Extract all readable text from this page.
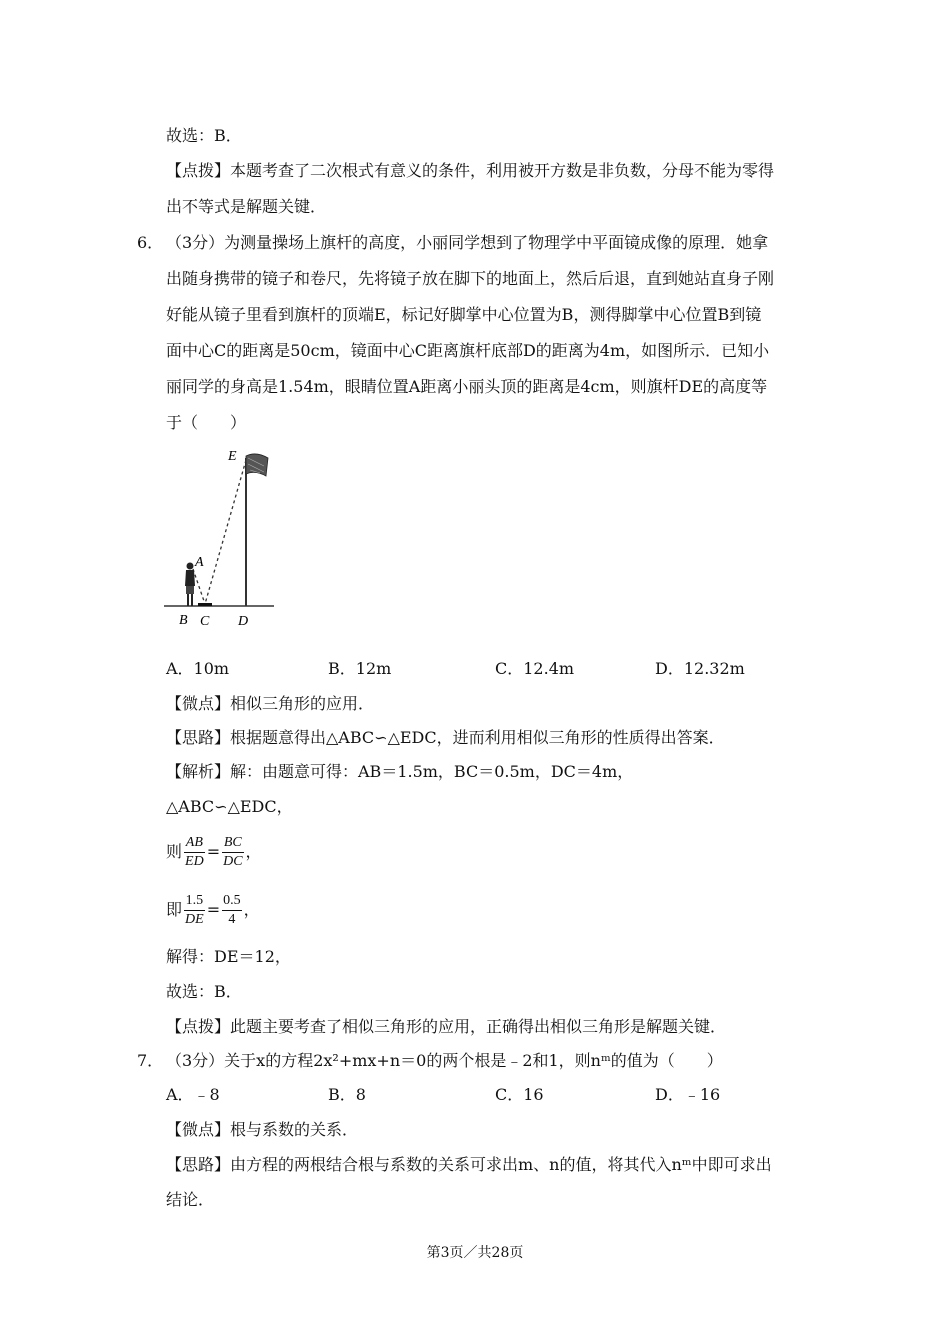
故选：B．
【点拨】本题考查了二次根式有意义的条件，利用被开方数是非负数，分母不能为零得
出不等式是解题关键．
6． （3分）为测量操场上旗杆的高度，小丽同学想到了物理学中平面镜成像的原理．她拿
出随身携带的镜子和卷尺，先将镜子放在脚下的地面上，然后后退，直到她站直身子刚
好能从镜子里看到旗杆的顶端E，标记好脚掌中心位置为B，测得脚掌中心位置B到镜
面中心C的距离是50cm，镜面中心C距离旗杆底部D的距离为4m，如图所示．已知小
丽同学的身高是1.54m，眼睛位置A距离小丽头顶的距离是4cm，则旗杆DE的高度等
于（　　）
E
A
B C D
A．10m	B．12m	C．12.4m	D．12.32m
【微点】相似三角形的应用．
【思路】根据题意得出△ABC∽△EDC，进而利用相似三角形的性质得出答案．
【解析】解：由题意可得：AB＝1.5m，BC＝0.5m，DC＝4m，
△ABC∽△EDC，
则 $\frac{AB}{ED} = \frac{BC}{DC}$ ，
即 $\frac{1.5}{DE} = \frac{0.5}{4}$ ，
解得：DE＝12，
故选：B．
【点拨】此题主要考查了相似三角形的应用，正确得出相似三角形是解题关键．
7． （3分）关于x的方程2x²+mx+n＝0的两个根是﹣2和1，则nᵐ的值为（　　）
A．﹣8	B．8	C．16	D．﹣16
【微点】根与系数的关系．
【思路】由方程的两根结合根与系数的关系可求出m、n的值，将其代入nᵐ中即可求出
结论．
第3页／共28页
